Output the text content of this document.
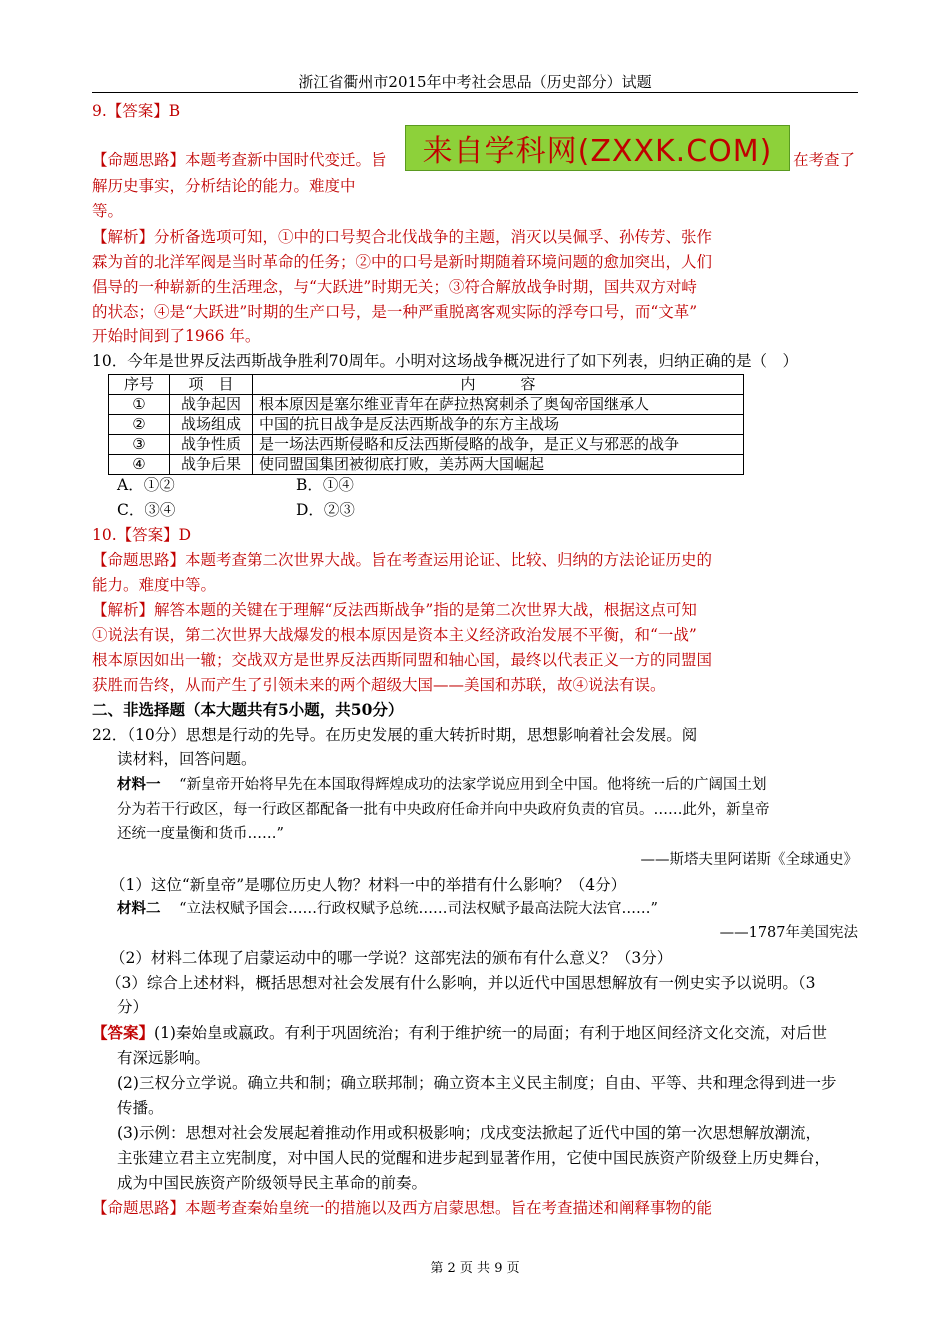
浙江省衢州市2015年中考社会思品（历史部分）试题
9.【答案】B
【命题思路】本题考查新中国时代变迁。旨	在考查了
解历史事实，分析结论的能力。难度中
等。
来自学科网(ZXXK.COM)
【解析】分析备选项可知，①中的口号契合北伐战争的主题，消灭以吴佩孚、孙传芳、张作
霖为首的北洋军阀是当时革命的任务；②中的口号是新时期随着环境问题的愈加突出，人们
倡导的一种崭新的生活理念，与“大跃进”时期无关；③符合解放战争时期，国共双方对峙
的状态；④是“大跃进”时期的生产口号，是一种严重脱离客观实际的浮夸口号，而“文革”
开始时间到了1966 年。
10．今年是世界反法西斯战争胜利70周年。小明对这场战争概况进行了如下列表，归纳正确的是（　）
序号	项　目	内　　　容
①	战争起因	根本原因是塞尔维亚青年在萨拉热窝刺杀了奥匈帝国继承人
②	战场组成	中国的抗日战争是反法西斯战争的东方主战场
③	战争性质	是一场法西斯侵略和反法西斯侵略的战争，是正义与邪恶的战争
④	战争后果	使同盟国集团被彻底打败，美苏两大国崛起
A．①②	B．①④
C．③④	D．②③
10.【答案】D
【命题思路】本题考查第二次世界大战。旨在考查运用论证、比较、归纳的方法论证历史的
能力。难度中等。
【解析】解答本题的关键在于理解“反法西斯战争”指的是第二次世界大战，根据这点可知
①说法有误，第二次世界大战爆发的根本原因是资本主义经济政治发展不平衡，和“一战”
根本原因如出一辙；交战双方是世界反法西斯同盟和轴心国，最终以代表正义一方的同盟国
获胜而告终，从而产生了引领未来的两个超级大国——美国和苏联，故④说法有误。
二、非选择题（本大题共有5小题，共50分）
22．（10分）思想是行动的先导。在历史发展的重大转折时期，思想影响着社会发展。阅
读材料，回答问题。
材料一 “新皇帝开始将早先在本国取得辉煌成功的法家学说应用到全中国。他将统一后的广阔国土划
分为若干行政区，每一行政区都配备一批有中央政府任命并向中央政府负责的官员。……此外，新皇帝
还统一度量衡和货币……”
——斯塔夫里阿诺斯《全球通史》
（1）这位“新皇帝”是哪位历史人物？材料一中的举措有什么影响？（4分）
材料二 “立法权赋予国会……行政权赋予总统……司法权赋予最高法院大法官……”
——1787年美国宪法
（2）材料二体现了启蒙运动中的哪一学说？这部宪法的颁布有什么意义？（3分）
（3）综合上述材料，概括思想对社会发展有什么影响，并以近代中国思想解放有一例史实予以说明。（3
分）
【答案】(1)秦始皇或嬴政。有利于巩固统治；有利于维护统一的局面；有利于地区间经济文化交流，对后世
有深远影响。
(2)三权分立学说。确立共和制；确立联邦制；确立资本主义民主制度；自由、平等、共和理念得到进一步
传播。
(3)示例：思想对社会发展起着推动作用或积极影响；戊戌变法掀起了近代中国的第一次思想解放潮流，
主张建立君主立宪制度，对中国人民的觉醒和进步起到显著作用，它使中国民族资产阶级登上历史舞台，
成为中国民族资产阶级领导民主革命的前奏。
【命题思路】本题考查秦始皇统一的措施以及西方启蒙思想。旨在考查描述和阐释事物的能
第 2 页 共 9 页
